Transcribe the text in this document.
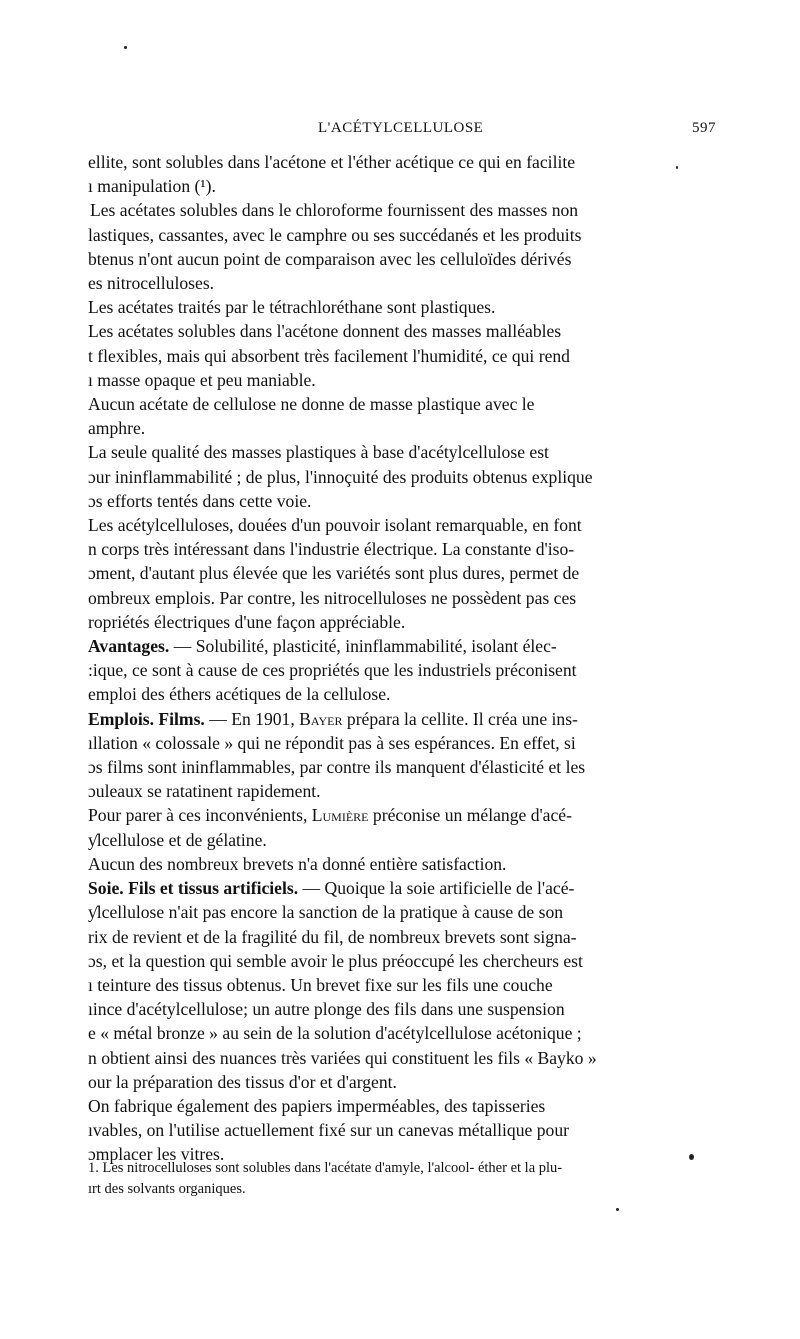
L'ACÉTYLCELLULOSE	597
ellite, sont solubles dans l'acétone et l'éther acétique ce qui en facilite
ı manipulation (¹).
Les acétates solubles dans le chloroforme fournissent des masses non
lastiques, cassantes, avec le camphre ou ses succédanés et les produits
btenus n'ont aucun point de comparaison avec les celluloïdes dérivés
es nitrocelluloses.
Les acétates traités par le tétrachloréthane sont plastiques.
Les acétates solubles dans l'acétone donnent des masses malléables
t flexibles, mais qui absorbent très facilement l'humidité, ce qui rend
ı masse opaque et peu maniable.
Aucun acétate de cellulose ne donne de masse plastique avec le
amphre.
La seule qualité des masses plastiques à base d'acétylcellulose est
ɔur ininflammabilité ; de plus, l'innoçuité des produits obtenus explique
ɔs efforts tentés dans cette voie.
Les acétylcelluloses, douées d'un pouvoir isolant remarquable, en font
n corps très intéressant dans l'industrie électrique. La constante d'iso-
ɔment, d'autant plus élevée que les variétés sont plus dures, permet de
ombreux emplois. Par contre, les nitrocelluloses ne possèdent pas ces
ropriétés électriques d'une façon appréciable.
Avantages. — Solubilité, plasticité, ininflammabilité, isolant élec-
:ique, ce sont à cause de ces propriétés que les industriels préconisent
emploi des éthers acétiques de la cellulose.
Emplois. Films. — En 1901, Bayer prépara la cellite. Il créa une ins-
ıllation « colossale » qui ne répondit pas à ses espérances. En effet, si
ɔs films sont ininflammables, par contre ils manquent d'élasticité et les
ɔuleaux se ratatinent rapidement.
Pour parer à ces inconvénients, Lumière préconise un mélange d'acé-
ƴlcellulose et de gélatine.
Aucun des nombreux brevets n'a donné entière satisfaction.
Soie. Fils et tissus artificiels. — Quoique la soie artificielle de l'acé-
ƴlcellulose n'ait pas encore la sanction de la pratique à cause de son
rix de revient et de la fragilité du fil, de nombreux brevets sont signa-
ɔs, et la question qui semble avoir le plus préoccupé les chercheurs est
ı teinture des tissus obtenus. Un brevet fixe sur les fils une couche
ıince d'acétylcellulose; un autre plonge des fils dans une suspension
e « métal bronze » au sein de la solution d'acétylcellulose acétonique ;
n obtient ainsi des nuances très variées qui constituent les fils « Bayko »
our la préparation des tissus d'or et d'argent.
On fabrique également des papiers imperméables, des tapisseries
ıvables, on l'utilise actuellement fixé sur un canevas métallique pour
ɔmplacer les vitres.
1. Les nitrocelluloses sont solubles dans l'acétate d'amyle, l'alcool- éther et la plu-
ırt des solvants organiques.
